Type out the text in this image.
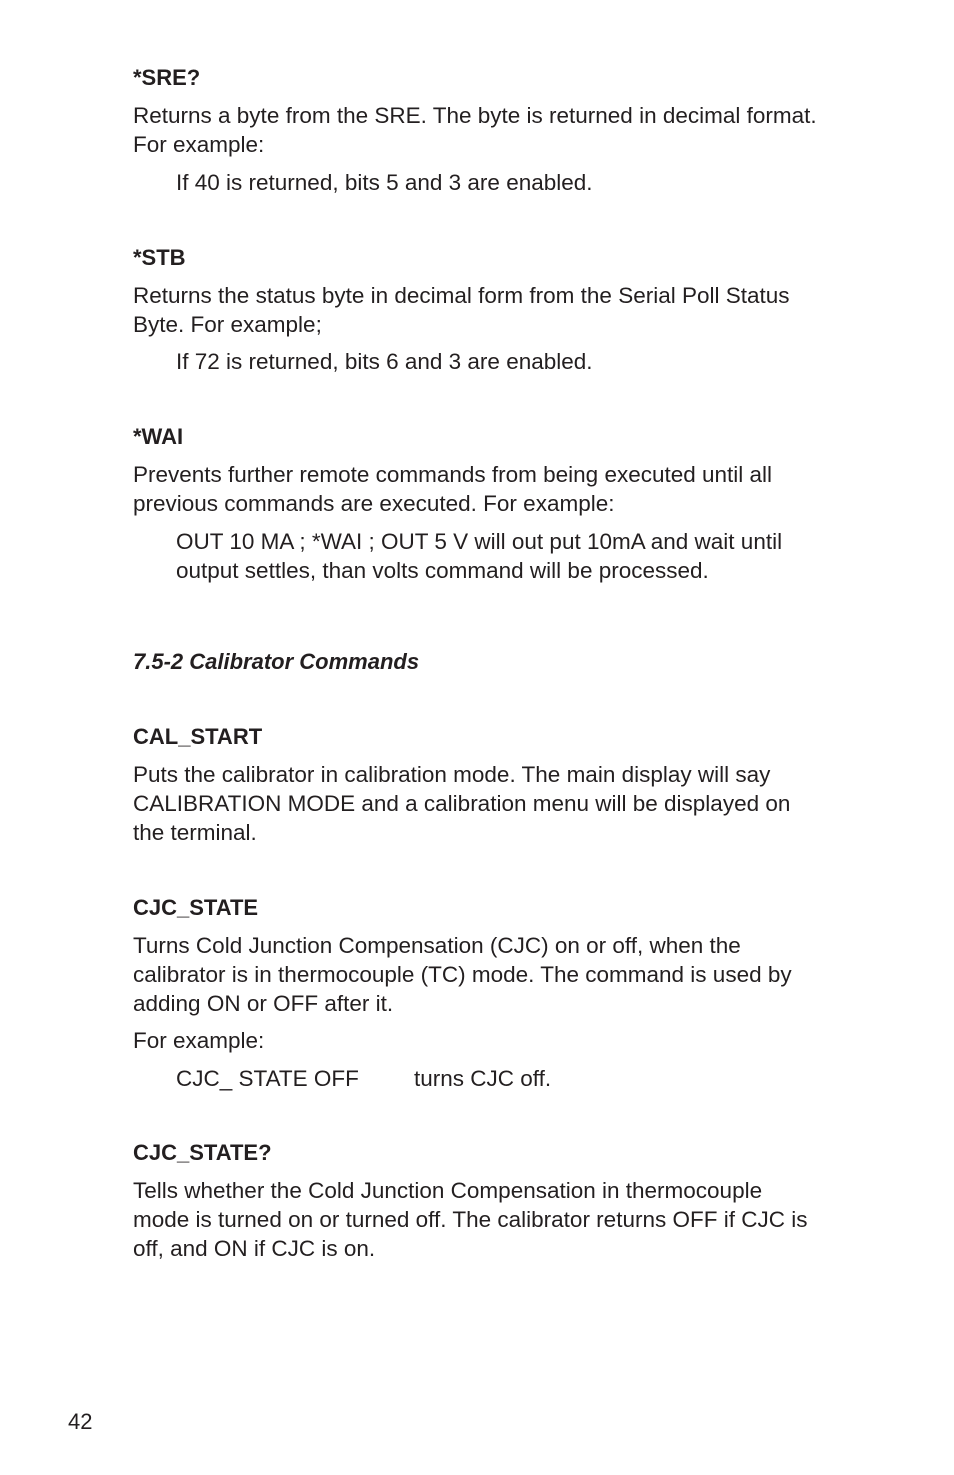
*SRE?
Returns a byte from the SRE. The byte is returned in decimal format.
For example:
If 40 is returned, bits 5 and 3 are enabled.
*STB
Returns the status byte in decimal form from the Serial Poll Status
Byte. For example;
If 72 is returned, bits 6 and 3 are enabled.
*WAI
Prevents further remote commands from being executed until all
previous commands are executed. For example:
OUT 10 MA ; *WAI ; OUT 5 V will out put 10mA and wait until
output settles, than volts command will be processed.
7.5-2 Calibrator Commands
CAL_START
Puts the calibrator in calibration mode. The main display will say
CALIBRATION MODE and a calibration menu will be displayed on
the terminal.
CJC_STATE
Turns Cold Junction Compensation (CJC) on or off, when the
calibrator is in thermocouple (TC) mode. The command is used by
adding ON or OFF after it.
For example:
CJC_ STATE OFF turns CJC off.
CJC_STATE?
Tells whether the Cold Junction Compensation in thermocouple
mode is turned on or turned off. The calibrator returns OFF if CJC is
off, and ON if CJC is on.
42
